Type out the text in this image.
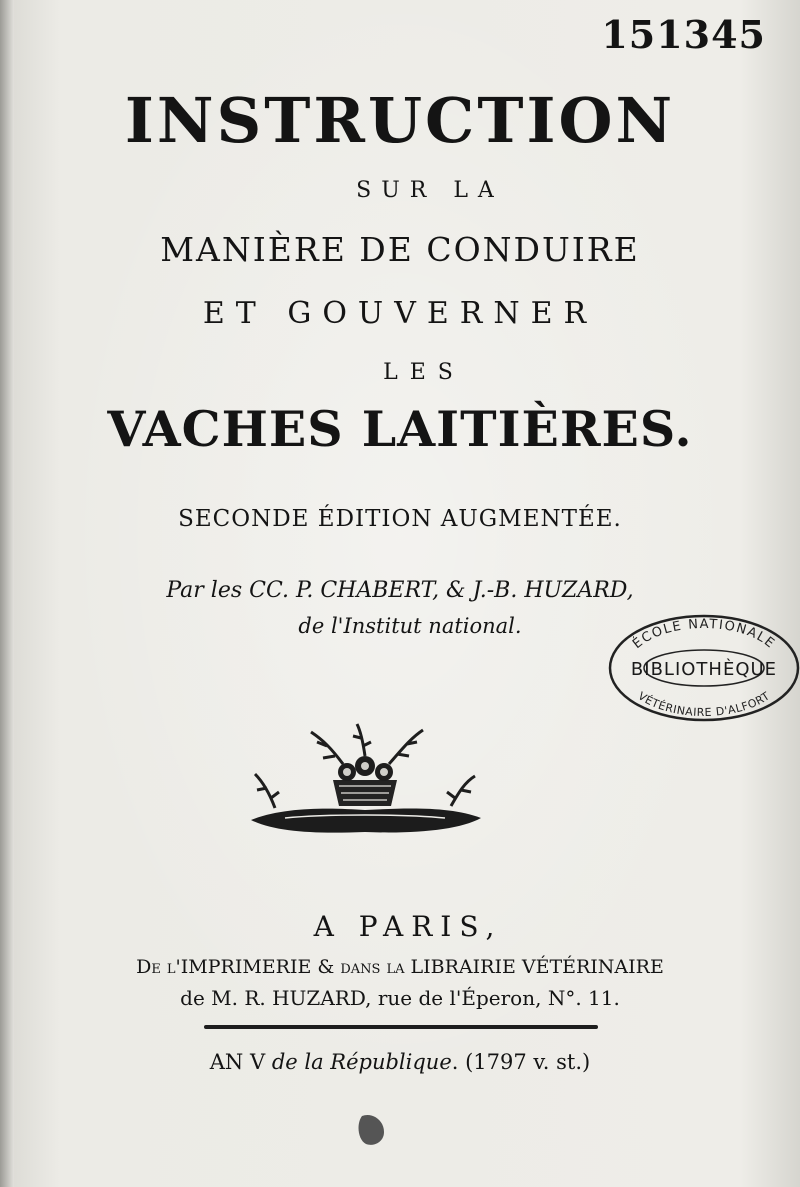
151345
INSTRUCTION
SUR LA
MANIÈRE DE CONDUIRE
ET GOUVERNER
LES
VACHES LAITIÈRES.
SECONDE ÉDITION AUGMENTÉE.
Par les CC. P. CHABERT, & J.-B. HUZARD,
de l'Institut national.
ÉCOLE NATIONALE
BIBLIOTHÈQUE
VÉTÉRINAIRE D'ALFORT
A PARIS,
De l'IMPRIMERIE & dans la LIBRAIRIE VÉTÉRINAIRE
de M. R. HUZARD, rue de l'Éperon, N°. 11.
AN V de la République. (1797 v. st.)
